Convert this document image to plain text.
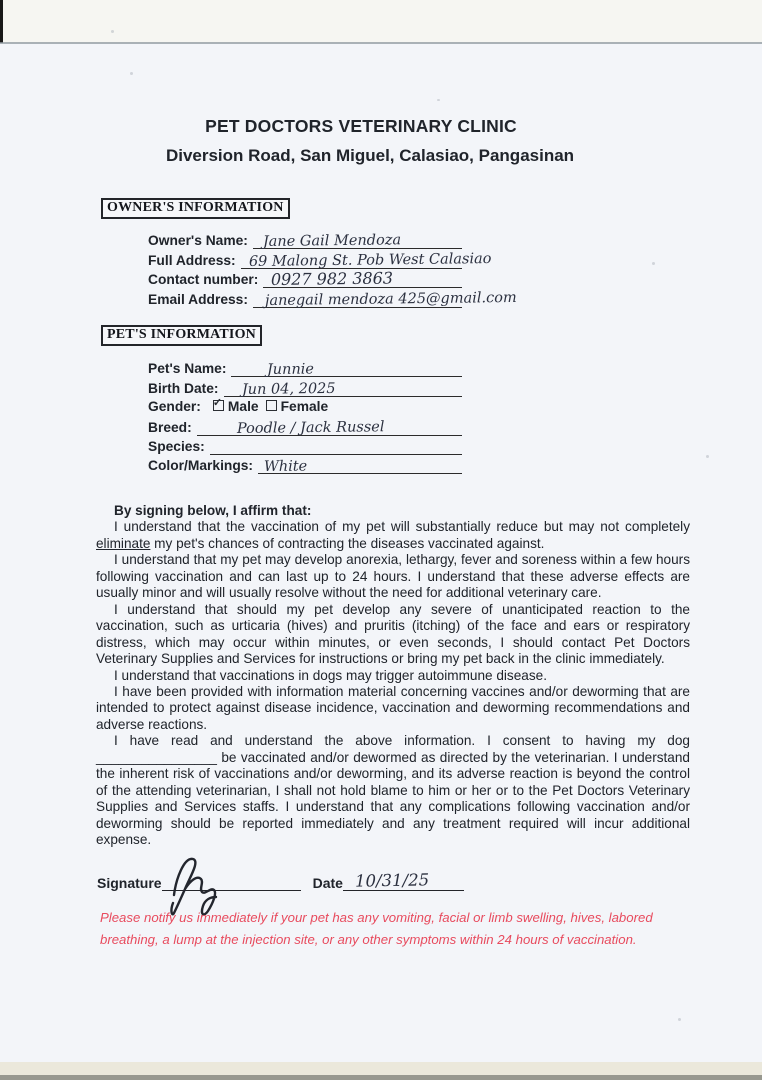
PET DOCTORS VETERINARY CLINIC
Diversion Road, San Miguel, Calasiao, Pangasinan
OWNER'S INFORMATION
Owner's Name:	Jane Gail Mendoza
Full Address: 69 Malong St. Pob West Calasiao
Contact number: 0927 982 3863
Email Address:	janegail mendoza 425@gmail.com
PET'S INFORMATION
Pet's Name:	Junnie
Birth Date:	Jun 04, 2025
Gender:	✓ Male Female
Breed:	Poodle / Jack Russel
Species:
Color/Markings: White

By signing below, I affirm that:

I understand that the vaccination of my pet will substantially reduce but may not completely eliminate my pet's chances of contracting the diseases vaccinated against.

I understand that my pet may develop anorexia, lethargy, fever and soreness within a few hours following vaccination and can last up to 24 hours. I understand that these adverse effects are usually minor and will usually resolve without the need for additional veterinary care.

I understand that should my pet develop any severe of unanticipated reaction to the vaccination, such as urticaria (hives) and pruritis (itching) of the face and ears or respiratory distress, which may occur within minutes, or even seconds, I should contact Pet Doctors Veterinary Supplies and Services for instructions or bring my pet back in the clinic immediately.

I understand that vaccinations in dogs may trigger autoimmune disease.

I have been provided with information material concerning vaccines and/or deworming that are intended to protect against disease incidence, vaccination and deworming recommendations and adverse reactions.

I have read and understand the above information. I consent to having my dog ________________ be vaccinated and/or dewormed as directed by the veterinarian. I understand the inherent risk of vaccinations and/or deworming, and its adverse reaction is beyond the control of the attending veterinarian, I shall not hold blame to him or her or to the Pet Doctors Veterinary Supplies and Services staffs. I understand that any complications following vaccination and/or deworming should be reported immediately and any treatment required will incur additional expense.

Signature	Date 10/31/25
Please notify us immediately if your pet has any vomiting, facial or limb swelling, hives, labored
breathing, a lump at the injection site, or any other symptoms within 24 hours of vaccination.
